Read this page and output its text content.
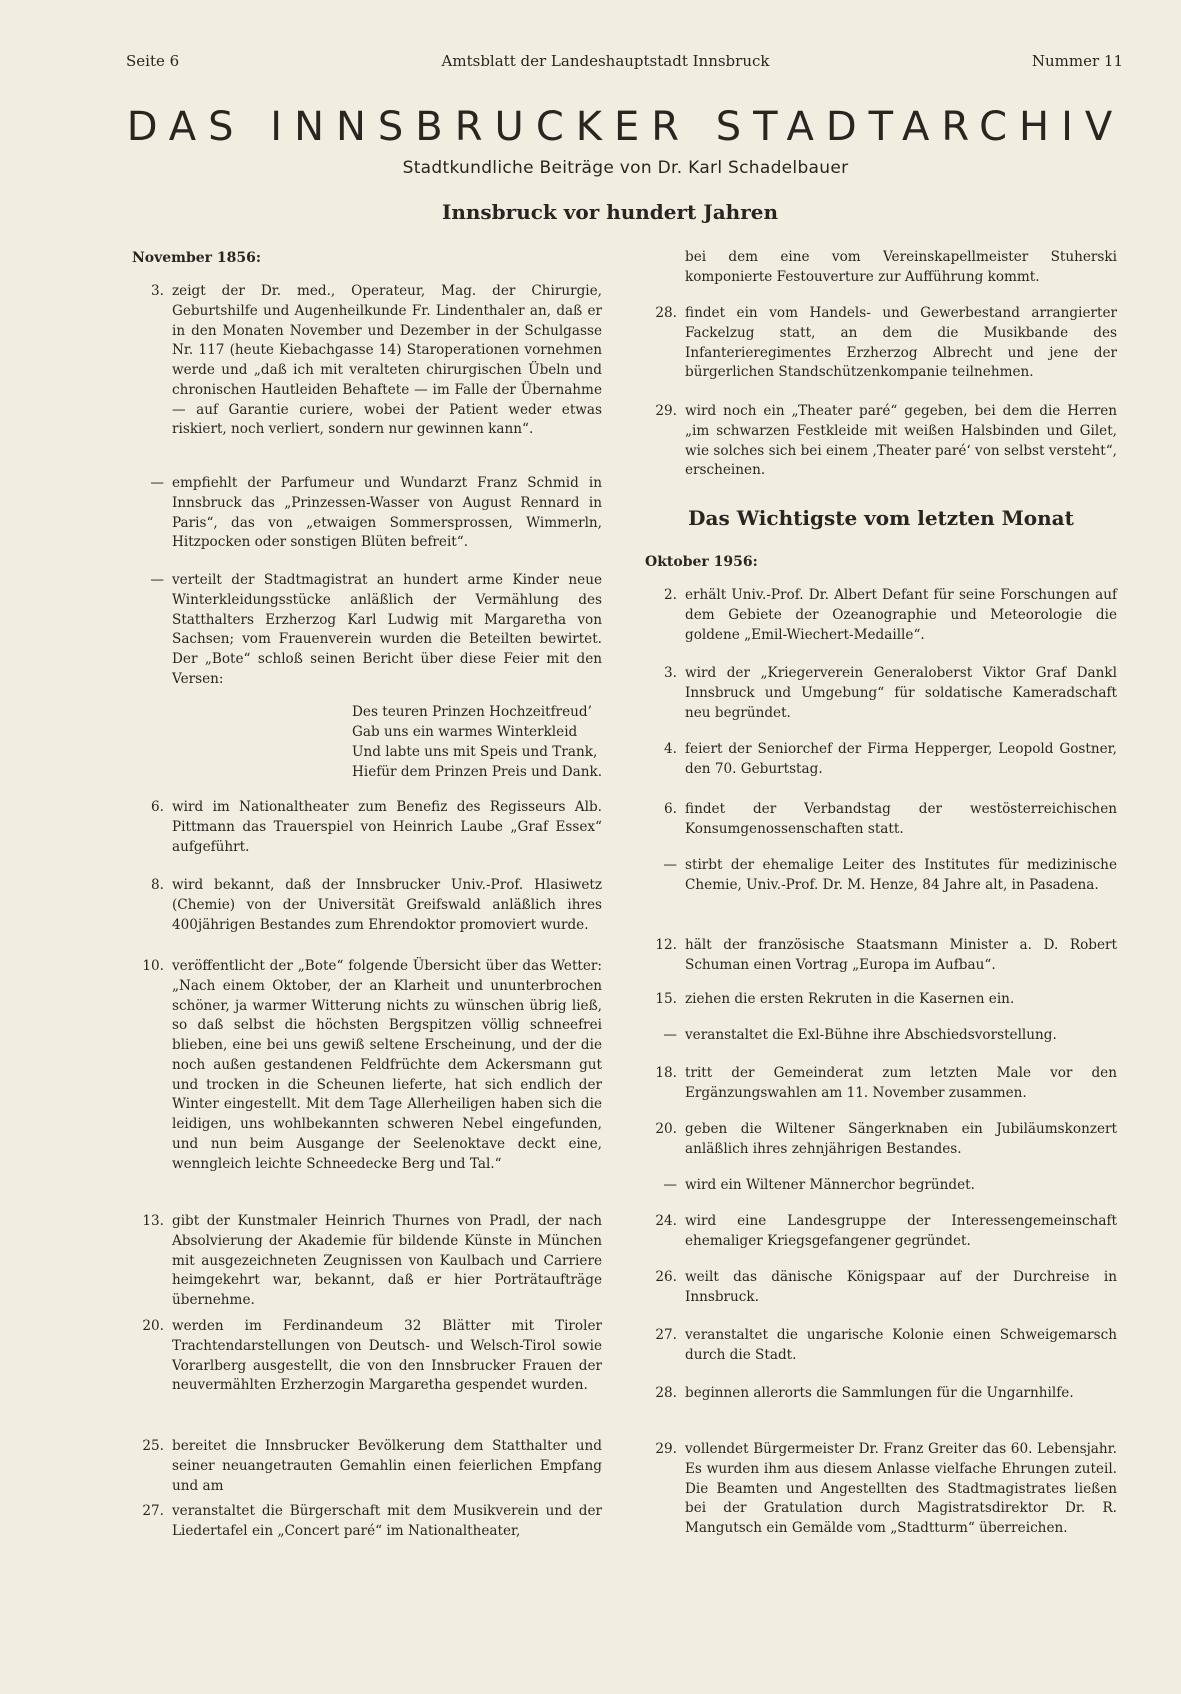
Seite 6	Amtsblatt der Landeshauptstadt Innsbruck	Nummer 11
DAS INNSBRUCKER STADTARCHIV
Stadtkundliche Beiträge von Dr. Karl Schadelbauer
Innsbruck vor hundert Jahren
November 1856:
3. zeigt der Dr. med., Operateur, Mag. der Chirurgie, Geburtshilfe und Augenheilkunde Fr. Lindenthaler an, daß er in den Monaten November und Dezember in der Schulgasse Nr. 117 (heute Kiebachgasse 14) Staroperationen vornehmen werde und „daß ich mit veralteten chirurgischen Übeln und chronischen Hautleiden Behaftete — im Falle der Übernahme — auf Garantie curiere, wobei der Patient weder etwas riskiert, noch verliert, sondern nur gewinnen kann“.
— empfiehlt der Parfumeur und Wundarzt Franz Schmid in Innsbruck das „Prinzessen-Wasser von August Rennard in Paris“, das von „etwaigen Sommersprossen, Wimmerln, Hitzpocken oder sonstigen Blüten befreit“.
— verteilt der Stadtmagistrat an hundert arme Kinder neue Winterkleidungsstücke anläßlich der Vermählung des Statthalters Erzherzog Karl Ludwig mit Margaretha von Sachsen; vom Frauenverein wurden die Beteilten bewirtet. Der „Bote“ schloß seinen Bericht über diese Feier mit den Versen:
Des teuren Prinzen Hochzeitfreud’
Gab uns ein warmes Winterkleid
Und labte uns mit Speis und Trank,
Hiefür dem Prinzen Preis und Dank.
6. wird im Nationaltheater zum Benefiz des Regisseurs Alb. Pittmann das Trauerspiel von Heinrich Laube „Graf Essex“ aufgeführt.
8. wird bekannt, daß der Innsbrucker Univ.-Prof. Hlasiwetz (Chemie) von der Universität Greifswald anläßlich ihres 400jährigen Bestandes zum Ehrendoktor promoviert wurde.
10. veröffentlicht der „Bote“ folgende Übersicht über das Wetter: „Nach einem Oktober, der an Klarheit und ununterbrochen schöner, ja warmer Witterung nichts zu wünschen übrig ließ, so daß selbst die höchsten Bergspitzen völlig schneefrei blieben, eine bei uns gewiß seltene Erscheinung, und der die noch außen gestandenen Feldfrüchte dem Ackersmann gut und trocken in die Scheunen lieferte, hat sich endlich der Winter eingestellt. Mit dem Tage Allerheiligen haben sich die leidigen, uns wohlbekannten schweren Nebel eingefunden, und nun beim Ausgange der Seelenoktave deckt eine, wenngleich leichte Schneedecke Berg und Tal.“
13. gibt der Kunstmaler Heinrich Thurnes von Pradl, der nach Absolvierung der Akademie für bildende Künste in München mit ausgezeichneten Zeugnissen von Kaulbach und Carriere heimgekehrt war, bekannt, daß er hier Porträtaufträge übernehme.
20. werden im Ferdinandeum 32 Blätter mit Tiroler Trachtendarstellungen von Deutsch- und Welsch-Tirol sowie Vorarlberg ausgestellt, die von den Innsbrucker Frauen der neuvermählten Erzherzogin Margaretha gespendet wurden.
25. bereitet die Innsbrucker Bevölkerung dem Statthalter und seiner neuangetrauten Gemahlin einen feierlichen Empfang und am
27. veranstaltet die Bürgerschaft mit dem Musikverein und der Liedertafel ein „Concert paré“ im Nationaltheater,
bei dem eine vom Vereinskapellmeister Stuherski komponierte Festouverture zur Aufführung kommt.
28. findet ein vom Handels- und Gewerbestand arrangierter Fackelzug statt, an dem die Musikbande des Infanterieregimentes Erzherzog Albrecht und jene der bürgerlichen Standschützenkompanie teilnehmen.
29. wird noch ein „Theater paré“ gegeben, bei dem die Herren „im schwarzen Festkleide mit weißen Halsbinden und Gilet, wie solches sich bei einem ‚Theater paré‘ von selbst versteht“, erscheinen.
Das Wichtigste vom letzten Monat
Oktober 1956:
2. erhält Univ.-Prof. Dr. Albert Defant für seine Forschungen auf dem Gebiete der Ozeanographie und Meteorologie die goldene „Emil-Wiechert-Medaille“.
3. wird der „Kriegerverein Generaloberst Viktor Graf Dankl Innsbruck und Umgebung“ für soldatische Kameradschaft neu begründet.
4. feiert der Seniorchef der Firma Hepperger, Leopold Gostner, den 70. Geburtstag.
6. findet der Verbandstag der westösterreichischen Konsumgenossenschaften statt.
— stirbt der ehemalige Leiter des Institutes für medizinische Chemie, Univ.-Prof. Dr. M. Henze, 84 Jahre alt, in Pasadena.
12. hält der französische Staatsmann Minister a. D. Robert Schuman einen Vortrag „Europa im Aufbau“.
15. ziehen die ersten Rekruten in die Kasernen ein.
— veranstaltet die Exl-Bühne ihre Abschiedsvorstellung.
18. tritt der Gemeinderat zum letzten Male vor den Ergänzungswahlen am 11. November zusammen.
20. geben die Wiltener Sängerknaben ein Jubiläumskonzert anläßlich ihres zehnjährigen Bestandes.
— wird ein Wiltener Männerchor begründet.
24. wird eine Landesgruppe der Interessengemeinschaft ehemaliger Kriegsgefangener gegründet.
26. weilt das dänische Königspaar auf der Durchreise in Innsbruck.
27. veranstaltet die ungarische Kolonie einen Schweigemarsch durch die Stadt.
28. beginnen allerorts die Sammlungen für die Ungarnhilfe.
29. vollendet Bürgermeister Dr. Franz Greiter das 60. Lebensjahr. Es wurden ihm aus diesem Anlasse vielfache Ehrungen zuteil. Die Beamten und Angestellten des Stadtmagistrates ließen bei der Gratulation durch Magistratsdirektor Dr. R. Mangutsch ein Gemälde vom „Stadtturm“ überreichen.
